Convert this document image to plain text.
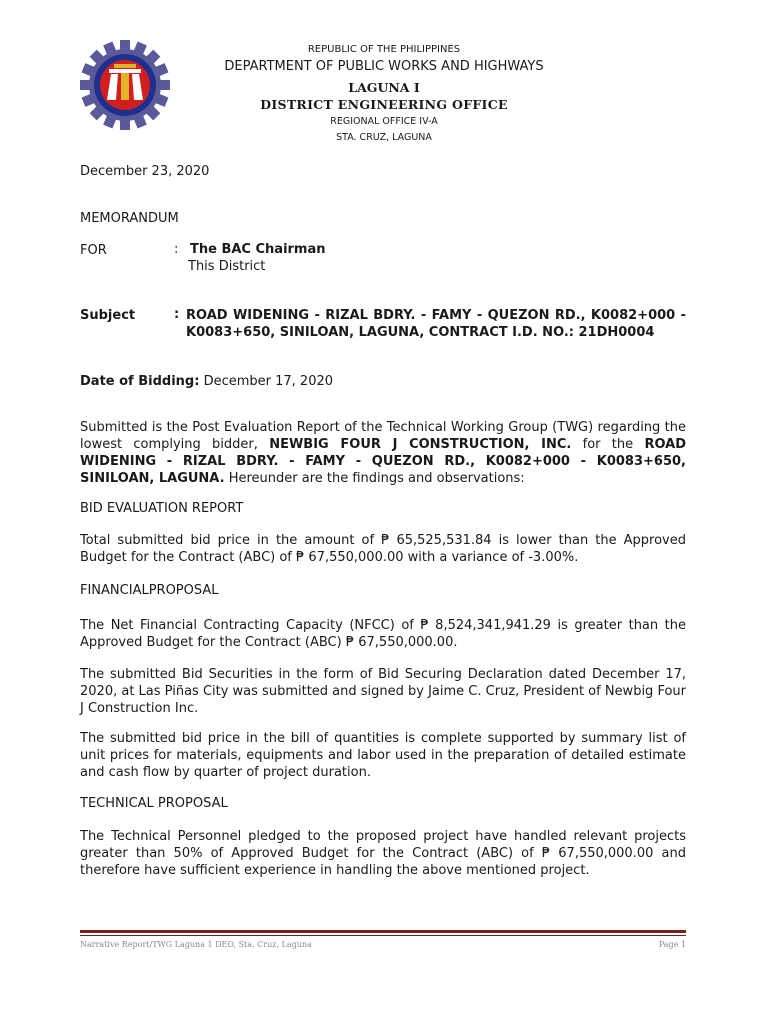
REPUBLIC OF THE PHILIPPINES
DEPARTMENT OF PUBLIC WORKS AND HIGHWAYS
LAGUNA I
DISTRICT ENGINEERING OFFICE
REGIONAL OFFICE IV-A
STA. CRUZ, LAGUNA
December 23, 2020
MEMORANDUM
FOR	: The BAC Chairman
This District
Subject	: ROAD WIDENING - RIZAL BDRY. - FAMY - QUEZON RD., K0082+000 - K0083+650, SINILOAN, LAGUNA, CONTRACT I.D. NO.: 21DH0004
Date of Bidding: December 17, 2020
Submitted is the Post Evaluation Report of the Technical Working Group (TWG) regarding the lowest complying bidder, NEWBIG FOUR J CONSTRUCTION, INC. for the ROAD WIDENING - RIZAL BDRY. - FAMY - QUEZON RD., K0082+000 - K0083+650, SINILOAN, LAGUNA. Hereunder are the findings and observations:
BID EVALUATION REPORT
Total submitted bid price in the amount of ₱ 65,525,531.84 is lower than the Approved Budget for the Contract (ABC) of ₱ 67,550,000.00 with a variance of -3.00%.
FINANCIALPROPOSAL
The Net Financial Contracting Capacity (NFCC) of ₱ 8,524,341,941.29 is greater than the Approved Budget for the Contract (ABC) ₱ 67,550,000.00.
The submitted Bid Securities in the form of Bid Securing Declaration dated December 17, 2020, at Las Piñas City was submitted and signed by Jaime C. Cruz, President of Newbig Four J Construction Inc.
The submitted bid price in the bill of quantities is complete supported by summary list of unit prices for materials, equipments and labor used in the preparation of detailed estimate and cash flow by quarter of project duration.
TECHNICAL PROPOSAL
The Technical Personnel pledged to the proposed project have handled relevant projects greater than 50% of Approved Budget for the Contract (ABC) of ₱ 67,550,000.00 and therefore have sufficient experience in handling the above mentioned project.
Narrative Report/TWG Laguna 1 DEO, Sta. Cruz, Laguna	Page 1
